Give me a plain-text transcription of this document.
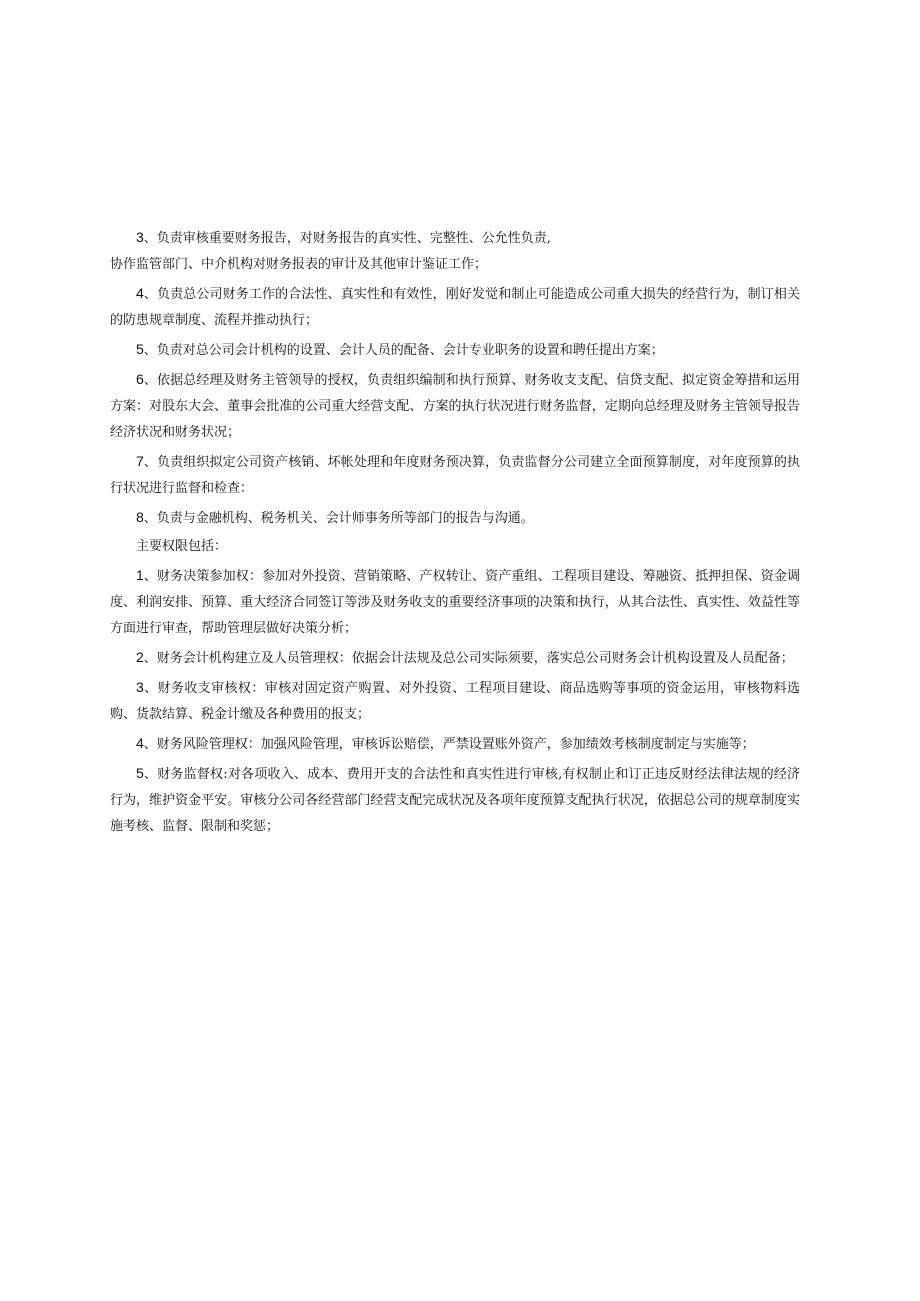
3、负责审核重要财务报告，对财务报告的真实性、完整性、公允性负责,

协作监管部门、中介机构对财务报表的审计及其他审计鉴证工作；

4、负责总公司财务工作的合法性、真实性和有效性，刚好发觉和制止可能造成公司重大损失的经营行为，制订相关的防患规章制度、流程并推动执行；

5、负责对总公司会计机构的设置、会计人员的配备、会计专业职务的设置和聘任提出方案；

6、依据总经理及财务主管领导的授权，负责组织编制和执行预算、财务收支支配、信贷支配、拟定资金筹措和运用方案：对股东大会、董事会批准的公司重大经营支配、方案的执行状况进行财务监督，定期向总经理及财务主管领导报告经济状况和财务状况；

7、负责组织拟定公司资产核销、坏帐处理和年度财务预决算，负责监督分公司建立全面预算制度，对年度预算的执行状况进行监督和检查：

8、负责与金融机构、税务机关、会计师事务所等部门的报告与沟通。

主要权限包括：

1、财务决策参加权：参加对外投资、营销策略、产权转让、资产重组、工程项目建设、筹融资、抵押担保、资金调度、利润安排、预算、重大经济合同签订等涉及财务收支的重要经济事项的决策和执行，从其合法性、真实性、效益性等方面进行审查，帮助管理层做好决策分析；

2、财务会计机构建立及人员管理权：依据会计法规及总公司实际须要，落实总公司财务会计机构设置及人员配备；

3、财务收支审核权：审核对固定资产购置、对外投资、工程项目建设、商品选购等事项的资金运用，审核物料选购、货款结算、税金计缴及各种费用的报支；

4、财务风险管理权：加强风险管理，审核诉讼赔偿，严禁设置账外资产，参加绩效考核制度制定与实施等；

5、财务监督权:对各项收入、成本、费用开支的合法性和真实性进行审核,有权制止和订正违反财经法律法规的经济行为，维护资金平安。审核分公司各经营部门经营支配完成状况及各项年度预算支配执行状况，依据总公司的规章制度实施考核、监督、限制和奖惩；
